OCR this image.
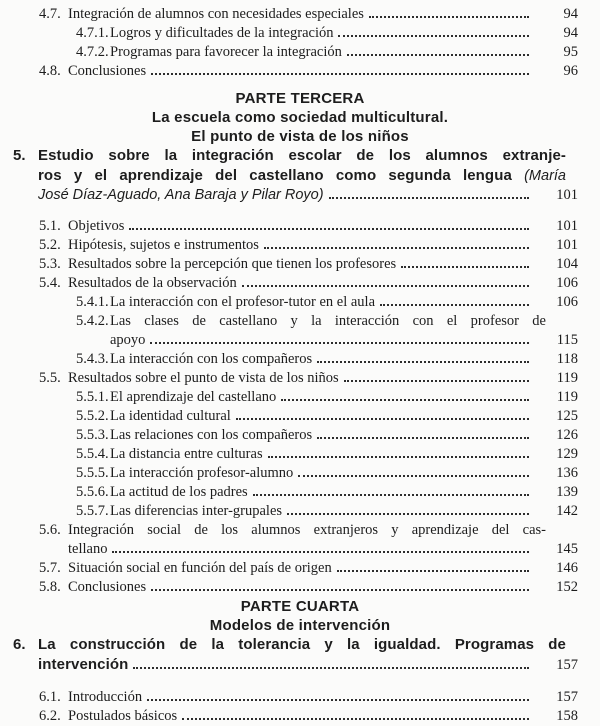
4.7. Integración de alumnos con necesidades especiales	94
4.7.1. Logros y dificultades de la integración	94
4.7.2. Programas para favorecer la integración	95
4.8. Conclusiones	96
PARTE TERCERA
La escuela como sociedad multicultural.
El punto de vista de los niños
5. Estudio sobre la integración escolar de los alumnos extranje-
ros y el aprendizaje del castellano como segunda lengua (María
José Díaz-Aguado, Ana Baraja y Pilar Royo)	101
5.1. Objetivos	101
5.2. Hipótesis, sujetos e instrumentos	101
5.3. Resultados sobre la percepción que tienen los profesores	104
5.4. Resultados de la observación	106
5.4.1. La interacción con el profesor-tutor en el aula	106
5.4.2. Las clases de castellano y la interacción con el profesor de
apoyo	115
5.4.3. La interacción con los compañeros	118
5.5. Resultados sobre el punto de vista de los niños	119
5.5.1. El aprendizaje del castellano	119
5.5.2. La identidad cultural	125
5.5.3. Las relaciones con los compañeros	126
5.5.4. La distancia entre culturas	129
5.5.5. La interacción profesor-alumno	136
5.5.6. La actitud de los padres	139
5.5.7. Las diferencias inter-grupales	142
5.6. Integración social de los alumnos extranjeros y aprendizaje del cas-
tellano	145
5.7. Situación social en función del país de origen	146
5.8. Conclusiones	152
PARTE CUARTA
Modelos de intervención
6. La construcción de la tolerancia y la igualdad. Programas de
intervención	157
6.1. Introducción	157
6.2. Postulados básicos	158
